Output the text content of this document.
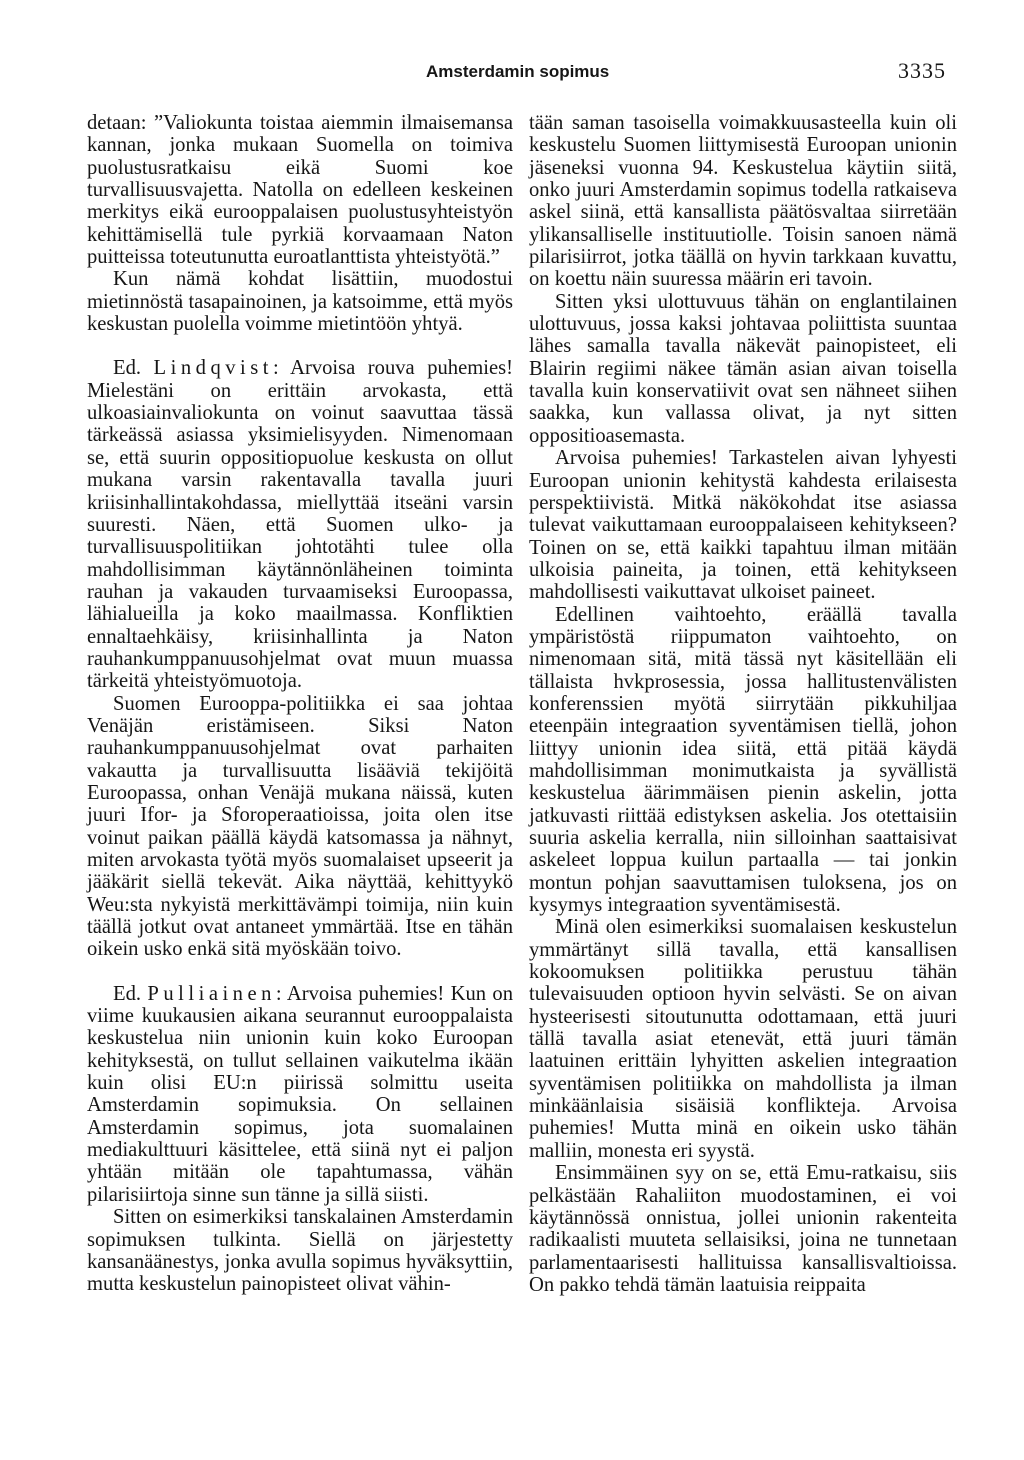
Amsterdamin sopimus	3335

detaan: ”Valiokunta toistaa aiemmin ilmaisemansa kannan, jonka mukaan Suomella on toimiva puolustusratkaisu eikä Suomi koe turvallisuusvajetta. Natolla on edelleen keskeinen merkitys eikä eurooppalaisen puolustusyhteistyön kehittämisellä tule pyrkiä korvaamaan Naton puitteissa toteutunutta euroatlanttista yhteistyötä.”

Kun nämä kohdat lisättiin, muodostui mietinnöstä tasapainoinen, ja katsoimme, että myös keskustan puolella voimme mietintöön yhtyä.

Ed. Lindqvist: Arvoisa rouva puhemies! Mielestäni on erittäin arvokasta, että ulkoasiainvaliokunta on voinut saavuttaa tässä tärkeässä asiassa yksimielisyyden. Nimenomaan se, että suurin oppositiopuolue keskusta on ollut mukana varsin rakentavalla tavalla juuri kriisinhallintakohdassa, miellyttää itseäni varsin suuresti. Näen, että Suomen ulko- ja turvallisuuspolitiikan johtotähti tulee olla mahdollisimman käytännönläheinen toiminta rauhan ja vakauden turvaamiseksi Euroopassa, lähialueilla ja koko maailmassa. Konfliktien ennaltaehkäisy, kriisinhallinta ja Naton rauhankumppanuusohjelmat ovat muun muassa tärkeitä yhteistyömuotoja.

Suomen Eurooppa-politiikka ei saa johtaa Venäjän eristämiseen. Siksi Naton rauhankumppanuusohjelmat ovat parhaiten vakautta ja turvallisuutta lisääviä tekijöitä Euroopassa, onhan Venäjä mukana näissä, kuten juuri Ifor- ja Sforoperaatioissa, joita olen itse voinut paikan päällä käydä katsomassa ja nähnyt, miten arvokasta työtä myös suomalaiset upseerit ja jääkärit siellä tekevät. Aika näyttää, kehittyykö Weu:sta nykyistä merkittävämpi toimija, niin kuin täällä jotkut ovat antaneet ymmärtää. Itse en tähän oikein usko enkä sitä myöskään toivo.

Ed. Pulliainen: Arvoisa puhemies! Kun on viime kuukausien aikana seurannut eurooppalaista keskustelua niin unionin kuin koko Euroopan kehityksestä, on tullut sellainen vaikutelma ikään kuin olisi EU:n piirissä solmittu useita Amsterdamin sopimuksia. On sellainen Amsterdamin sopimus, jota suomalainen mediakulttuuri käsittelee, että siinä nyt ei paljon yhtään mitään ole tapahtumassa, vähän pilarisiirtoja sinne sun tänne ja sillä siisti.

Sitten on esimerkiksi tanskalainen Amsterdamin sopimuksen tulkinta. Siellä on järjestetty kansanäänestys, jonka avulla sopimus hyväksyttiin, mutta keskustelun painopisteet olivat vähin-

tään saman tasoisella voimakkuusasteella kuin oli keskustelu Suomen liittymisestä Euroopan unionin jäseneksi vuonna 94. Keskustelua käytiin siitä, onko juuri Amsterdamin sopimus todella ratkaiseva askel siinä, että kansallista päätösvaltaa siirretään ylikansalliselle instituutiolle. Toisin sanoen nämä pilarisiirrot, jotka täällä on hyvin tarkkaan kuvattu, on koettu näin suuressa määrin eri tavoin.

Sitten yksi ulottuvuus tähän on englantilainen ulottuvuus, jossa kaksi johtavaa poliittista suuntaa lähes samalla tavalla näkevät painopisteet, eli Blairin regiimi näkee tämän asian aivan toisella tavalla kuin konservatiivit ovat sen nähneet siihen saakka, kun vallassa olivat, ja nyt sitten oppositioasemasta.

Arvoisa puhemies! Tarkastelen aivan lyhyesti Euroopan unionin kehitystä kahdesta erilaisesta perspektiivistä. Mitkä näkökohdat itse asiassa tulevat vaikuttamaan eurooppalaiseen kehitykseen? Toinen on se, että kaikki tapahtuu ilman mitään ulkoisia paineita, ja toinen, että kehitykseen mahdollisesti vaikuttavat ulkoiset paineet.

Edellinen vaihtoehto, eräällä tavalla ympäristöstä riippumaton vaihtoehto, on nimenomaan sitä, mitä tässä nyt käsitellään eli tällaista hvkprosessia, jossa hallitustenvälisten konferenssien myötä siirrytään pikkuhiljaa eteenpäin integraation syventämisen tiellä, johon liittyy unionin idea siitä, että pitää käydä mahdollisimman monimutkaista ja syvällistä keskustelua äärimmäisen pienin askelin, jotta jatkuvasti riittää edistyksen askelia. Jos otettaisiin suuria askelia kerralla, niin silloinhan saattaisivat askeleet loppua kuilun partaalla — tai jonkin montun pohjan saavuttamisen tuloksena, jos on kysymys integraation syventämisestä.

Minä olen esimerkiksi suomalaisen keskustelun ymmärtänyt sillä tavalla, että kansallisen kokoomuksen politiikka perustuu tähän tulevaisuuden optioon hyvin selvästi. Se on aivan hysteerisesti sitoutunutta odottamaan, että juuri tällä tavalla asiat etenevät, että juuri tämän laatuinen erittäin lyhyitten askelien integraation syventämisen politiikka on mahdollista ja ilman minkäänlaisia sisäisiä konflikteja. Arvoisa puhemies! Mutta minä en oikein usko tähän malliin, monesta eri syystä.

Ensimmäinen syy on se, että Emu-ratkaisu, siis pelkästään Rahaliiton muodostaminen, ei voi käytännössä onnistua, jollei unionin rakenteita radikaalisti muuteta sellaisiksi, joina ne tunnetaan parlamentaarisesti hallituissa kansallisvaltioissa. On pakko tehdä tämän laatuisia reippaita
